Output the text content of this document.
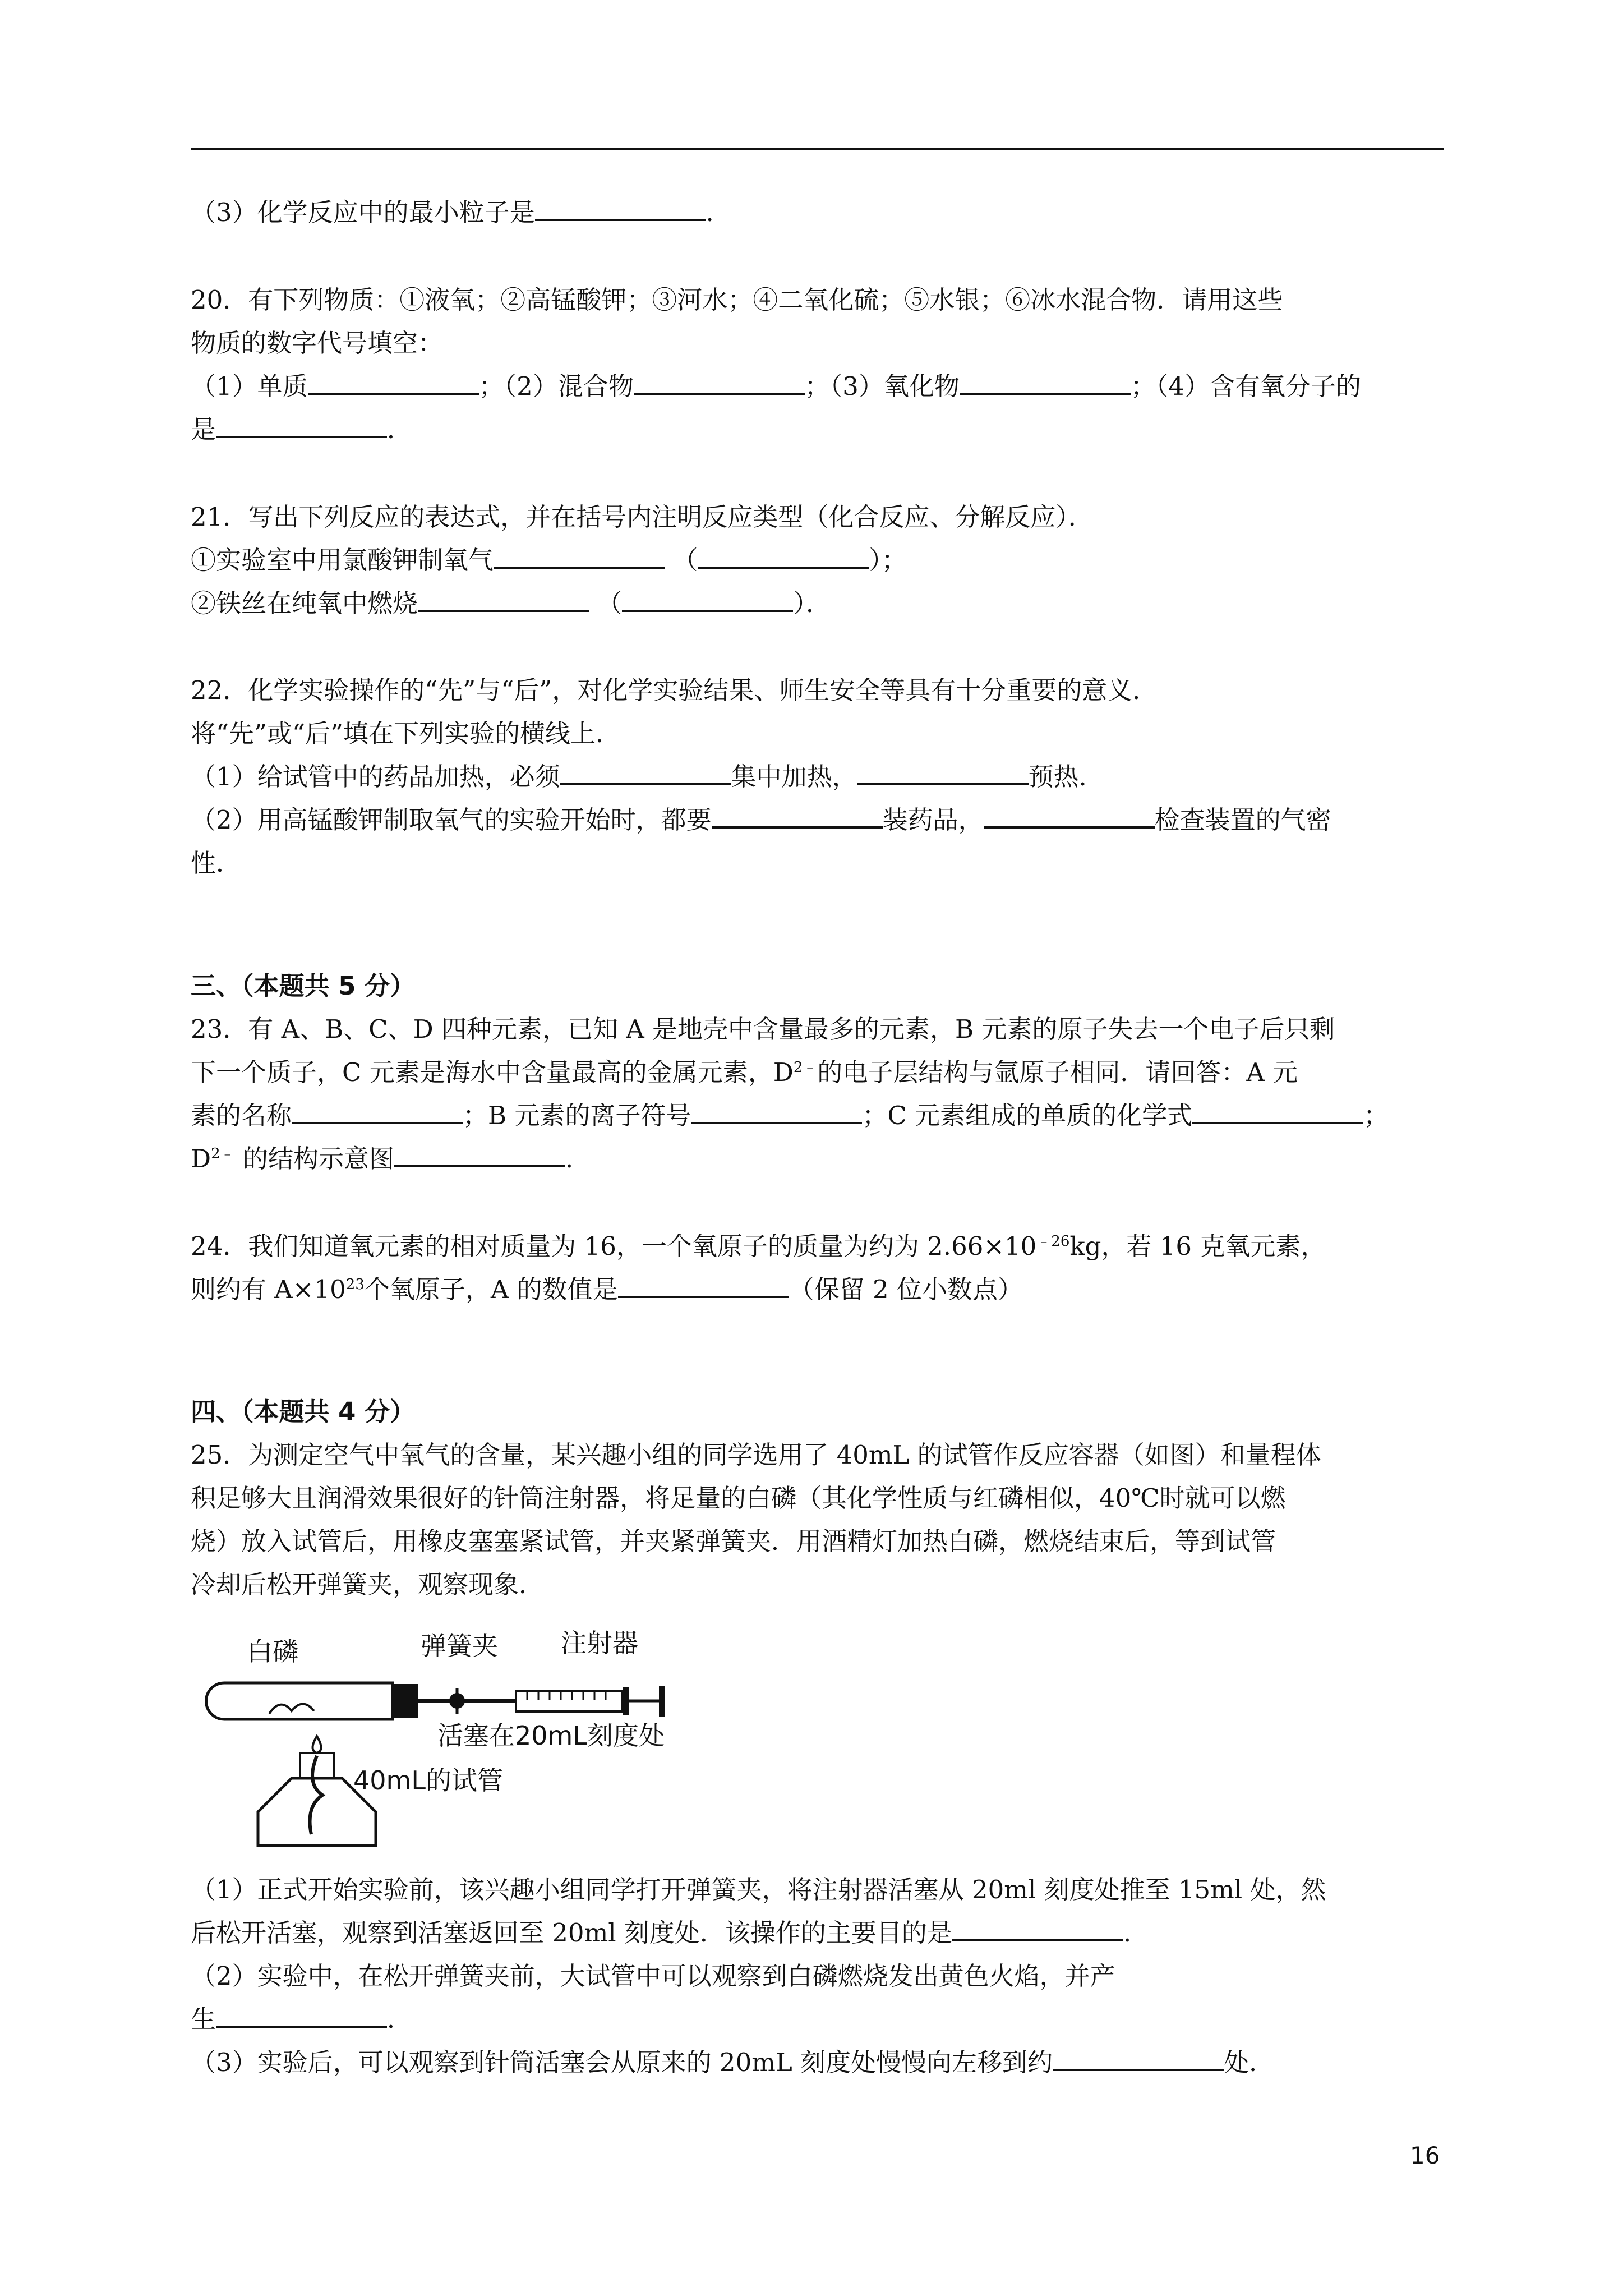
（3）化学反应中的最小粒子是	．
20．有下列物质：①液氧；②高锰酸钾；③河水；④二氧化硫；⑤水银；⑥冰水混合物．请用这些
物质的数字代号填空：
（1）单质	；（2）混合物	；（3）氧化物	；（4）含有氧分子的
是	．
21．写出下列反应的表达式，并在括号内注明反应类型（化合反应、分解反应）．
①实验室中用氯酸钾制氧气	（	）；
②铁丝在纯氧中燃烧	（	）．
22．化学实验操作的“先”与“后”，对化学实验结果、师生安全等具有十分重要的意义．
将“先”或“后”填在下列实验的横线上．
（1）给试管中的药品加热，必须	集中加热，	预热．
（2）用高锰酸钾制取氧气的实验开始时，都要	装药品，	检查装置的气密
性．
三、（本题共 5 分）
23．有 A、B、C、D 四种元素，已知 A 是地壳中含量最多的元素，B 元素的原子失去一个电子后只剩
下一个质子，C 元素是海水中含量最高的金属元素，$D^{2﹣}$的电子层结构与氩原子相同．请回答：A 元
素的名称	；B 元素的离子符号	；C 元素组成的单质的化学式	；
$D^{2﹣}$ 的结构示意图	．
24．我们知道氧元素的相对质量为 16，一个氧原子的质量为约为 $2.66\times 10^{﹣26}kg$，若 16 克氧元素，
则约有 $A\times 10^{23}$个氧原子，A 的数值是	（保留 2 位小数点）
四、（本题共 4 分）
25．为测定空气中氧气的含量，某兴趣小组的同学选用了 40mL 的试管作反应容器（如图）和量程体
积足够大且润滑效果很好的针筒注射器，将足量的白磷（其化学性质与红磷相似，40℃时就可以燃
烧）放入试管后，用橡皮塞塞紧试管，并夹紧弹簧夹．用酒精灯加热白磷，燃烧结束后，等到试管
冷却后松开弹簧夹，观察现象．
白磷	弹簧夹 注射器
活塞在20mL刻度处
40mL的试管
（1）正式开始实验前，该兴趣小组同学打开弹簧夹，将注射器活塞从 20ml 刻度处推至 15ml 处，然
后松开活塞，观察到活塞返回至 20ml 刻度处．该操作的主要目的是	．
（2）实验中，在松开弹簧夹前，大试管中可以观察到白磷燃烧发出黄色火焰，并产
生	．
（3）实验后，可以观察到针筒活塞会从原来的 20mL 刻度处慢慢向左移到约	处．
16
